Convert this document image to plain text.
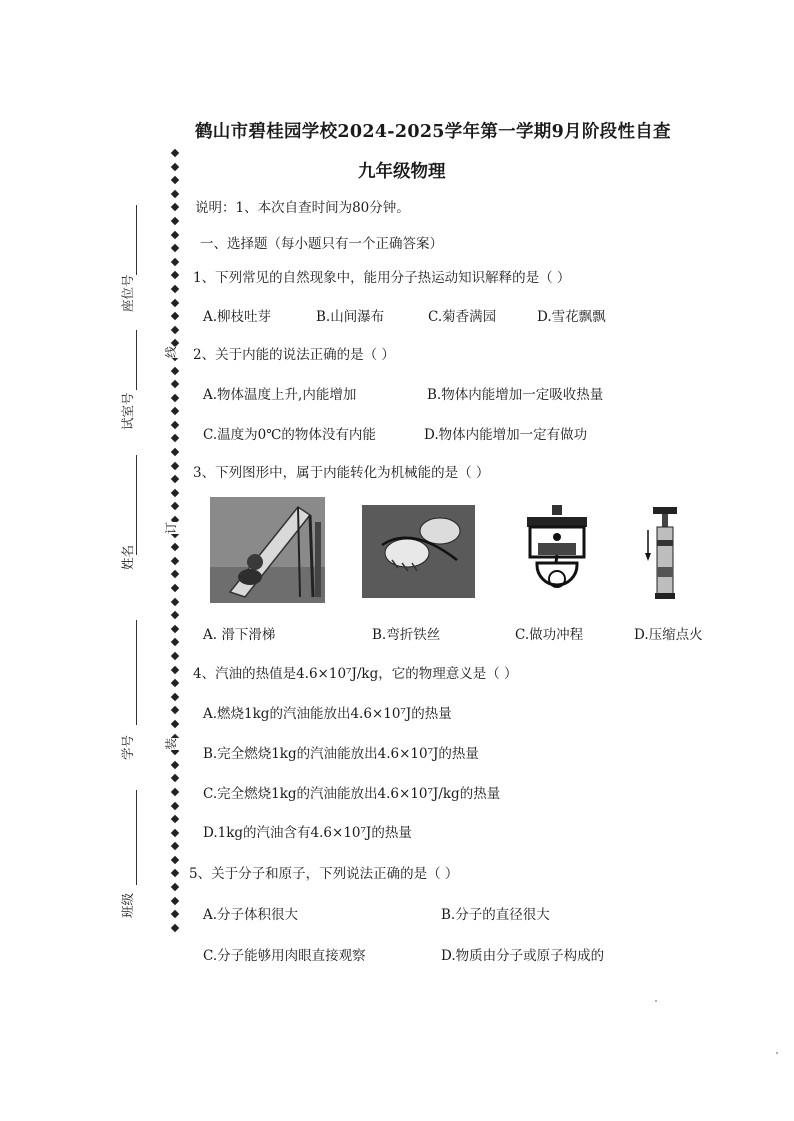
鹤山市碧桂园学校2024-2025学年第一学期9月阶段性自查
九年级物理
说明：1、本次自查时间为80分钟。
一、选择题（每小题只有一个正确答案）
座位号
试室号
姓名
学号
班级
线
订
装
1、下列常见的自然现象中，能用分子热运动知识解释的是（ ）
A.柳枝吐芽	B.山间瀑布	C.菊香满园	D.雪花飘飘
2、关于内能的说法正确的是（ ）
A.物体温度上升,内能增加	B.物体内能增加一定吸收热量
C.温度为0℃的物体没有内能	D.物体内能增加一定有做功
3、下列图形中，属于内能转化为机械能的是（ ）
A. 滑下滑梯	B.弯折铁丝	C.做功冲程	D.压缩点火
4、汽油的热值是4.6×10⁷J/kg，它的物理意义是（ ）
A.燃烧1kg的汽油能放出4.6×10⁷J的热量
B.完全燃烧1kg的汽油能放出4.6×10⁷J的热量
C.完全燃烧1kg的汽油能放出4.6×10⁷J/kg的热量
D.1kg的汽油含有4.6×10⁷J的热量
5、关于分子和原子，下列说法正确的是（ ）
A.分子体积很大	B.分子的直径很大
C.分子能够用肉眼直接观察	D.物质由分子或原子构成的
